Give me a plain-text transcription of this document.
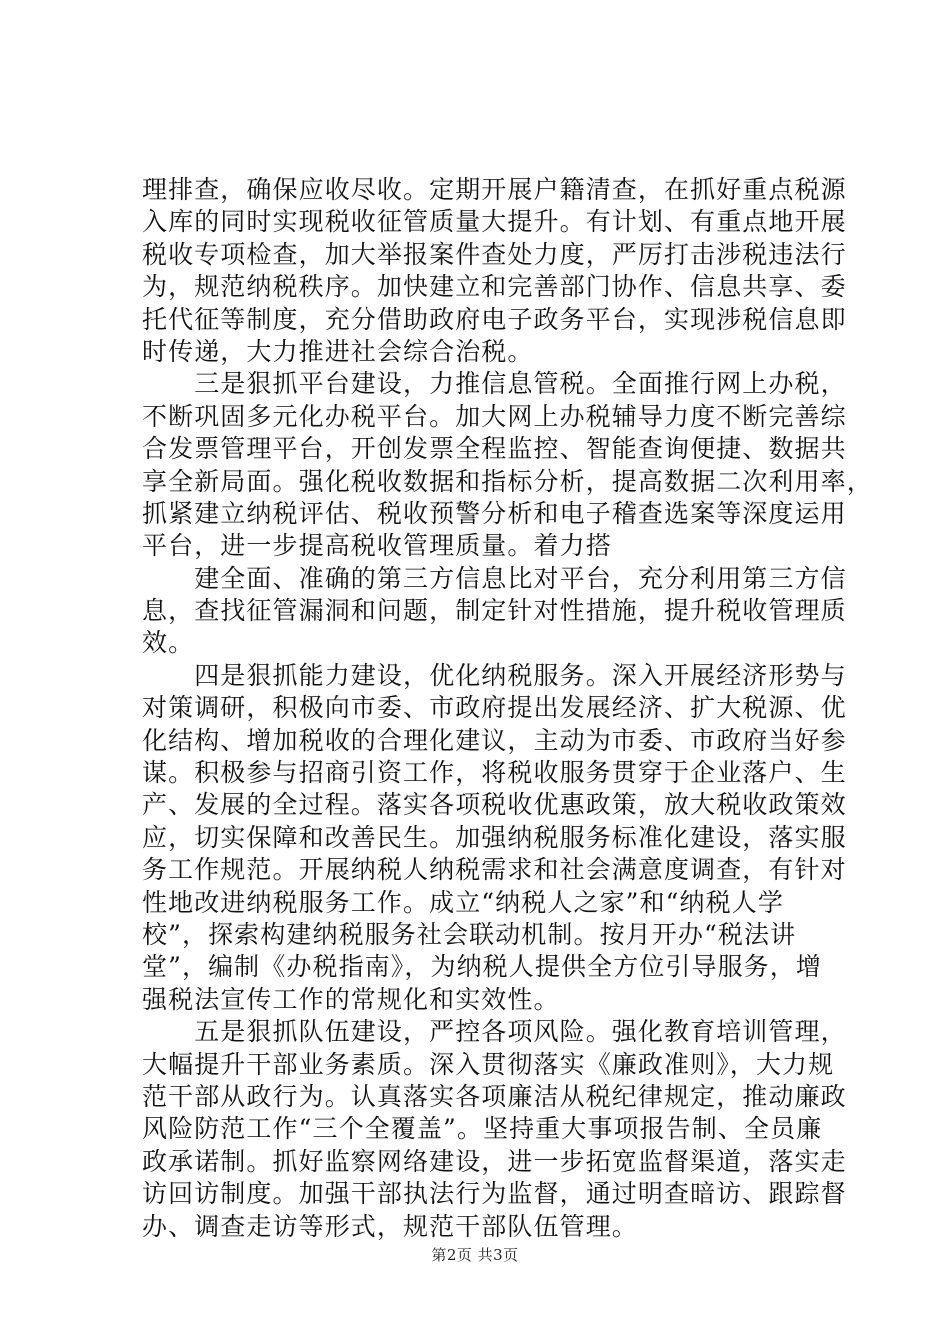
理排查，确保应收尽收。定期开展户籍清查，在抓好重点税源
入库的同时实现税收征管质量大提升。有计划、有重点地开展
税收专项检查，加大举报案件查处力度，严厉打击涉税违法行
为，规范纳税秩序。加快建立和完善部门协作、信息共享、委
托代征等制度，充分借助政府电子政务平台，实现涉税信息即
时传递，大力推进社会综合治税。
　　三是狠抓平台建设，力推信息管税。全面推行网上办税，
不断巩固多元化办税平台。加大网上办税辅导力度不断完善综
合发票管理平台，开创发票全程监控、智能查询便捷、数据共
享全新局面。强化税收数据和指标分析，提高数据二次利用率，
抓紧建立纳税评估、税收预警分析和电子稽查选案等深度运用
平台，进一步提高税收管理质量。着力搭
　　建全面、准确的第三方信息比对平台，充分利用第三方信
息，查找征管漏洞和问题，制定针对性措施，提升税收管理质
效。
　　四是狠抓能力建设，优化纳税服务。深入开展经济形势与
对策调研，积极向市委、市政府提出发展经济、扩大税源、优
化结构、增加税收的合理化建议，主动为市委、市政府当好参
谋。积极参与招商引资工作，将税收服务贯穿于企业落户、生
产、发展的全过程。落实各项税收优惠政策，放大税收政策效
应，切实保障和改善民生。加强纳税服务标准化建设，落实服
务工作规范。开展纳税人纳税需求和社会满意度调查，有针对
性地改进纳税服务工作。成立“纳税人之家”和“纳税人学
校”，探索构建纳税服务社会联动机制。按月开办“税法讲
堂”，编制《办税指南》，为纳税人提供全方位引导服务，增
强税法宣传工作的常规化和实效性。
　　五是狠抓队伍建设，严控各项风险。强化教育培训管理，
大幅提升干部业务素质。深入贯彻落实《廉政准则》，大力规
范干部从政行为。认真落实各项廉洁从税纪律规定，推动廉政
风险防范工作“三个全覆盖”。坚持重大事项报告制、全员廉
政承诺制。抓好监察网络建设，进一步拓宽监督渠道，落实走
访回访制度。加强干部执法行为监督，通过明查暗访、跟踪督
办、调查走访等形式，规范干部队伍管理。
第2页 共3页
